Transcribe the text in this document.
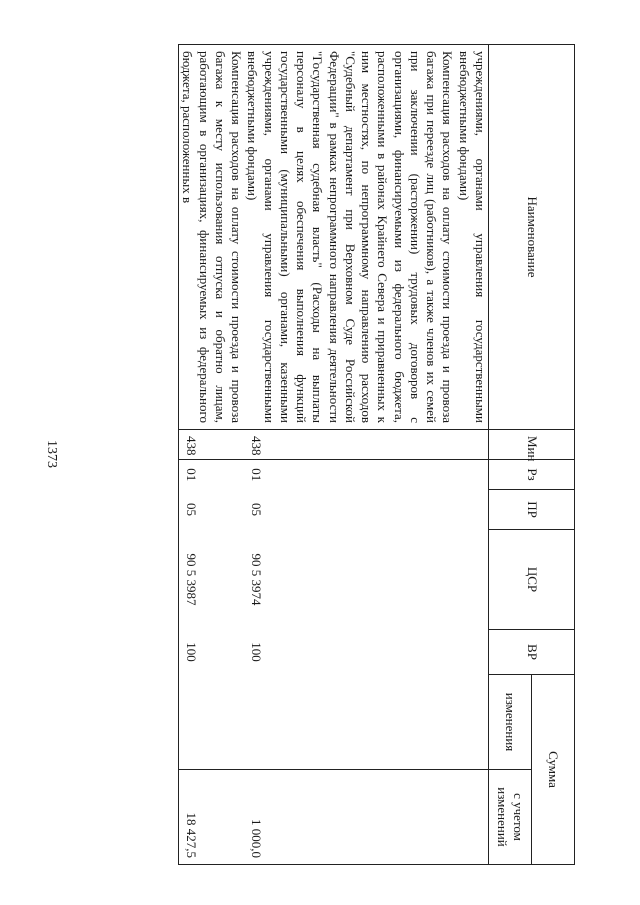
1373
Наименование	Мин	Рз	ПР	ЦСР	ВР	Сумма	
						изменения	с учетом изменений
учреждениями, органами управления государственными внебюджетными фондами)							
Компенсация расходов на оплату стоимости проезда и провоза багажа при переезде лиц (работников), а также членов их семей при заключении (расторжении) трудовых договоров с организациями, финансируемыми из федерального бюджета, расположенными в районах Крайнего Севера и приравненных к ним местностях, по непрограммному направлению расходов "Судебный департамент при Верховном Суде Российской Федерации" в рамках непрограммного направления деятельности "Государственная судебная власть" (Расходы на выплаты персоналу в целях обеспечения выполнения функций государственными (муниципальными) органами, казенными учреждениями, органами управления государственными внебюджетными фондами)	438	01	05	90 5 3974	100		1 000,0
Компенсация расходов на оплату стоимости проезда и провоза багажа к месту использования отпуска и обратно лицам, работающим в организациях, финансируемых из федерального бюджета, расположенных в	438	01	05	90 5 3987	100		18 427,5
